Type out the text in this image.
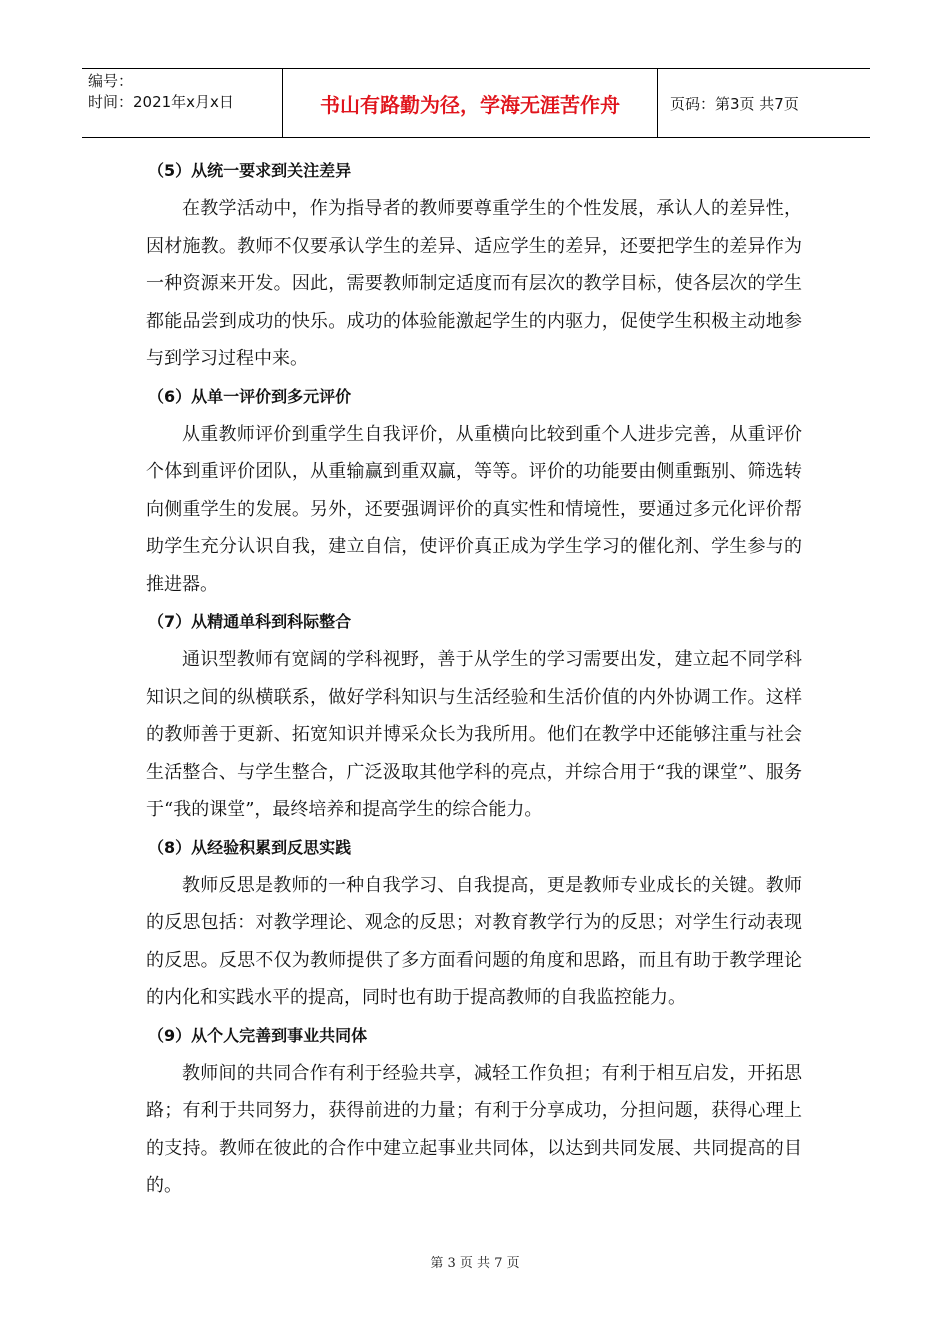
编号：
时间：2021年x月x日	书山有路勤为径，学海无涯苦作舟	页码：第3页 共7页
（5）从统一要求到关注差异

在教学活动中，作为指导者的教师要尊重学生的个性发展，承认人的差异性，因材施教。教师不仅要承认学生的差异、适应学生的差异，还要把学生的差异作为一种资源来开发。因此，需要教师制定适度而有层次的教学目标，使各层次的学生都能品尝到成功的快乐。成功的体验能激起学生的内驱力，促使学生积极主动地参与到学习过程中来。

（6）从单一评价到多元评价

从重教师评价到重学生自我评价，从重横向比较到重个人进步完善，从重评价个体到重评价团队，从重输赢到重双赢，等等。评价的功能要由侧重甄别、筛选转向侧重学生的发展。另外，还要强调评价的真实性和情境性，要通过多元化评价帮助学生充分认识自我，建立自信，使评价真正成为学生学习的催化剂、学生参与的推进器。

（7）从精通单科到科际整合

通识型教师有宽阔的学科视野，善于从学生的学习需要出发，建立起不同学科知识之间的纵横联系，做好学科知识与生活经验和生活价值的内外协调工作。这样的教师善于更新、拓宽知识并博采众长为我所用。他们在教学中还能够注重与社会生活整合、与学生整合，广泛汲取其他学科的亮点，并综合用于“我的课堂”、服务于“我的课堂”，最终培养和提高学生的综合能力。

（8）从经验积累到反思实践

教师反思是教师的一种自我学习、自我提高，更是教师专业成长的关键。教师的反思包括：对教学理论、观念的反思；对教育教学行为的反思；对学生行动表现的反思。反思不仅为教师提供了多方面看问题的角度和思路，而且有助于教学理论的内化和实践水平的提高，同时也有助于提高教师的自我监控能力。

（9）从个人完善到事业共同体

教师间的共同合作有利于经验共享，减轻工作负担；有利于相互启发，开拓思路；有利于共同努力，获得前进的力量；有利于分享成功，分担问题，获得心理上的支持。教师在彼此的合作中建立起事业共同体，以达到共同发展、共同提高的目的。

第 3 页 共 7 页
